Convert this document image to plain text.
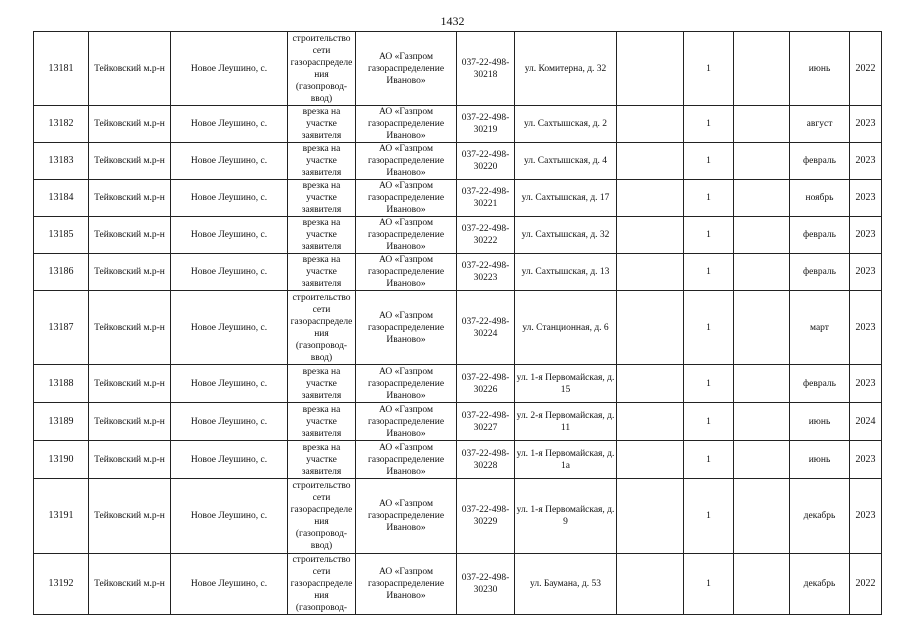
1432
13181	Тейковский м.р-н	Новое Леушино, с.	строительство сети газораспределения (газопровод-ввод)	АО «Газпром газораспределение Иваново»	037-22-498-30218	ул. Комитерна, д. 32		1		июнь	2022
13182	Тейковский м.р-н	Новое Леушино, с.	врезка на участке заявителя	АО «Газпром газораспределение Иваново»	037-22-498-30219	ул. Сахтышская, д. 2		1		август	2023
13183	Тейковский м.р-н	Новое Леушино, с.	врезка на участке заявителя	АО «Газпром газораспределение Иваново»	037-22-498-30220	ул. Сахтышская, д. 4		1		февраль	2023
13184	Тейковский м.р-н	Новое Леушино, с.	врезка на участке заявителя	АО «Газпром газораспределение Иваново»	037-22-498-30221	ул. Сахтышская, д. 17		1		ноябрь	2023
13185	Тейковский м.р-н	Новое Леушино, с.	врезка на участке заявителя	АО «Газпром газораспределение Иваново»	037-22-498-30222	ул. Сахтышская, д. 32		1		февраль	2023
13186	Тейковский м.р-н	Новое Леушино, с.	врезка на участке заявителя	АО «Газпром газораспределение Иваново»	037-22-498-30223	ул. Сахтышская, д. 13		1		февраль	2023
13187	Тейковский м.р-н	Новое Леушино, с.	строительство сети газораспределения (газопровод-ввод)	АО «Газпром газораспределение Иваново»	037-22-498-30224	ул. Станционная, д. 6		1		март	2023
13188	Тейковский м.р-н	Новое Леушино, с.	врезка на участке заявителя	АО «Газпром газораспределение Иваново»	037-22-498-30226	ул. 1-я Первомайская, д. 15		1		февраль	2023
13189	Тейковский м.р-н	Новое Леушино, с.	врезка на участке заявителя	АО «Газпром газораспределение Иваново»	037-22-498-30227	ул. 2-я Первомайская, д. 11		1		июнь	2024
13190	Тейковский м.р-н	Новое Леушино, с.	врезка на участке заявителя	АО «Газпром газораспределение Иваново»	037-22-498-30228	ул. 1-я Первомайская, д. 1а		1		июнь	2023
13191	Тейковский м.р-н	Новое Леушино, с.	строительство сети газораспределения (газопровод-ввод)	АО «Газпром газораспределение Иваново»	037-22-498-30229	ул. 1-я Первомайская, д. 9		1		декабрь	2023
13192	Тейковский м.р-н	Новое Леушино, с.	строительство сети газораспределения (газопровод-	АО «Газпром газораспределение Иваново»	037-22-498-30230	ул. Баумана, д. 53		1		декабрь	2022
